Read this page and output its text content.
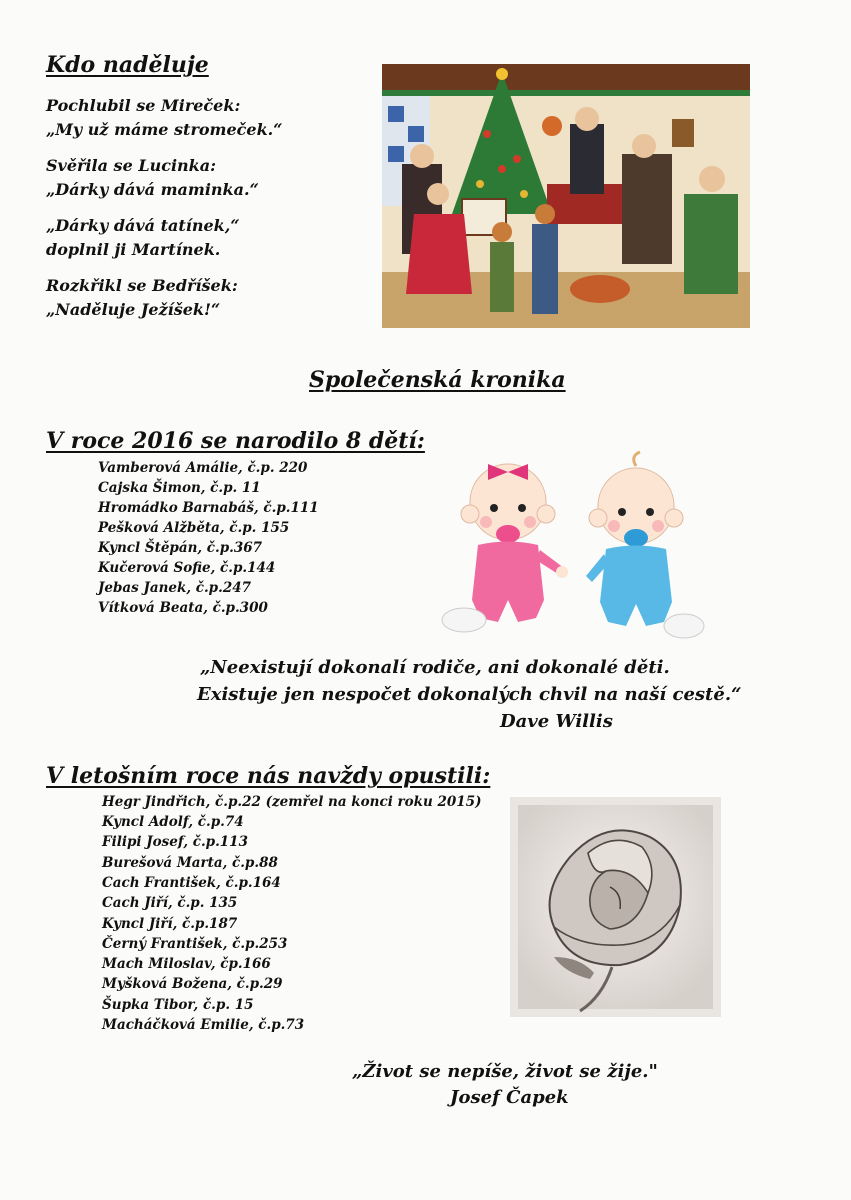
Kdo naděluje
Pochlubil se Mireček:
„My už máme stromeček.“
Svěřila se Lucinka:
„Dárky dává maminka.“
„Dárky dává tatínek,“
doplnil ji Martínek.
Rozkřikl se Bedříšek:
„Naděluje Ježíšek!“
Společenská kronika
V roce 2016 se narodilo 8 dětí:
Vamberová Amálie, č.p. 220
Cajska Šimon, č.p. 11
Hromádko Barnabáš, č.p.111
Pešková Alžběta, č.p. 155
Kyncl Štěpán, č.p.367
Kučerová Sofie, č.p.144
Jebas Janek, č.p.247
Vítková Beata, č.p.300
„Neexistují dokonalí rodiče, ani dokonalé děti.
Existuje jen nespočet dokonalých chvil na naší cestě.“
Dave Willis
V letošním roce nás navždy opustili:
Hegr Jindřich, č.p.22 (zemřel na konci roku 2015)
Kyncl Adolf, č.p.74
Filipi Josef, č.p.113
Burešová Marta, č.p.88
Cach František, č.p.164
Cach Jiří, č.p. 135
Kyncl Jiří, č.p.187
Černý František, č.p.253
Mach Miloslav, čp.166
Myšková Božena, č.p.29
Šupka Tibor, č.p. 15
Macháčková Emilie, č.p.73
„Život se nepíše, život se žije."
Josef Čapek
